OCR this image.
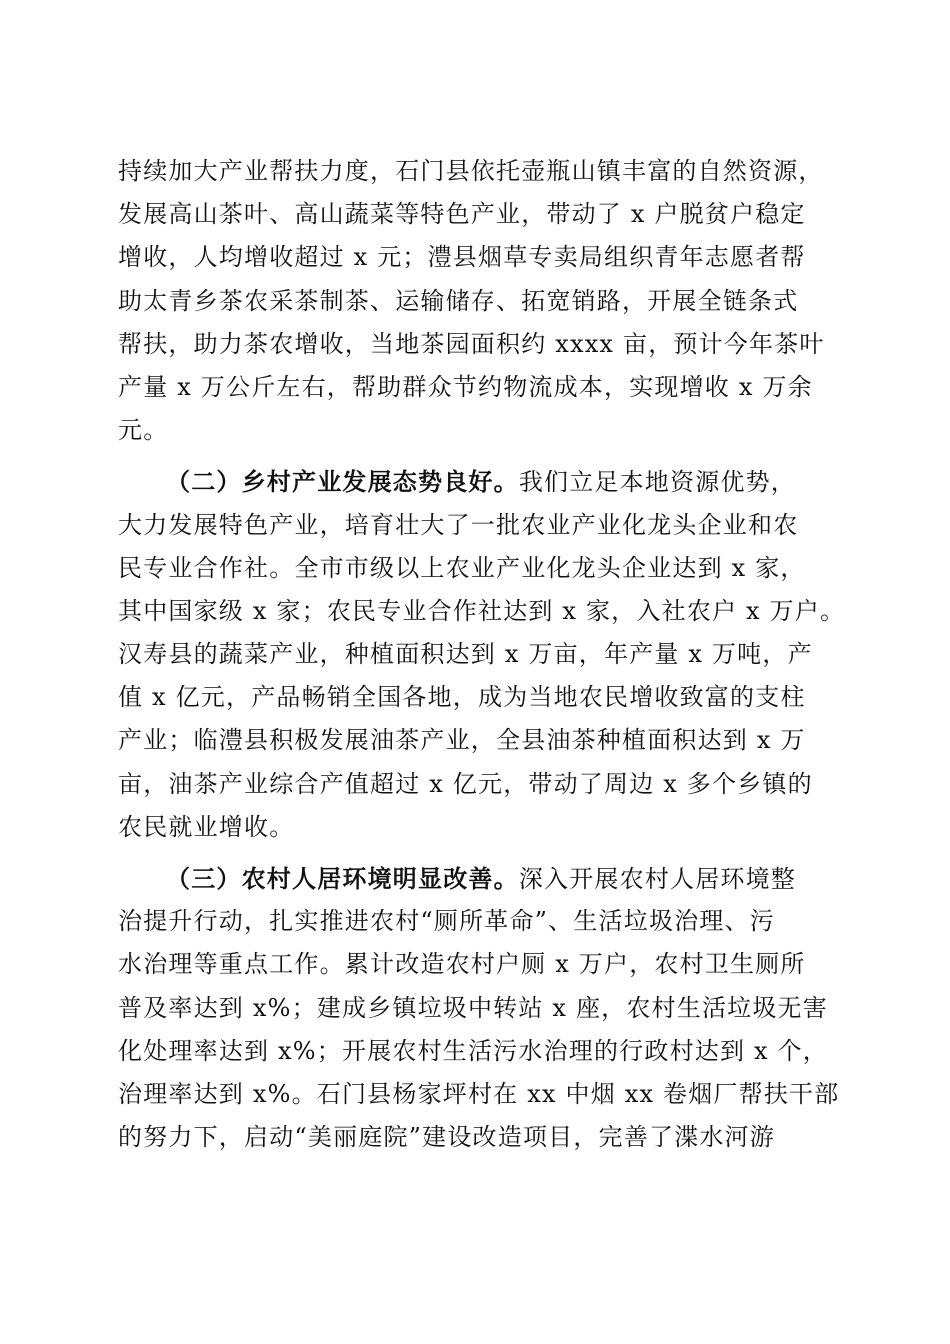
持续加大产业帮扶力度，石门县依托壶瓶山镇丰富的自然资源，
发展高山茶叶、高山蔬菜等特色产业，带动了 x 户脱贫户稳定
增收，人均增收超过 x 元；澧县烟草专卖局组织青年志愿者帮
助太青乡茶农采茶制茶、运输储存、拓宽销路，开展全链条式
帮扶，助力茶农增收，当地茶园面积约 xxxx 亩，预计今年茶叶
产量 x 万公斤左右，帮助群众节约物流成本，实现增收 x 万余
元。
（二）乡村产业发展态势良好。我们立足本地资源优势，
大力发展特色产业，培育壮大了一批农业产业化龙头企业和农
民专业合作社。全市市级以上农业产业化龙头企业达到 x 家，
其中国家级 x 家；农民专业合作社达到 x 家，入社农户 x 万户。
汉寿县的蔬菜产业，种植面积达到 x 万亩，年产量 x 万吨，产
值 x 亿元，产品畅销全国各地，成为当地农民增收致富的支柱
产业；临澧县积极发展油茶产业，全县油茶种植面积达到 x 万
亩，油茶产业综合产值超过 x 亿元，带动了周边 x 多个乡镇的
农民就业增收。
（三）农村人居环境明显改善。深入开展农村人居环境整
治提升行动，扎实推进农村“厕所革命”、生活垃圾治理、污
水治理等重点工作。累计改造农村户厕 x 万户，农村卫生厕所
普及率达到 x%；建成乡镇垃圾中转站 x 座，农村生活垃圾无害
化处理率达到 x%；开展农村生活污水治理的行政村达到 x 个，
治理率达到 x%。石门县杨家坪村在 xx 中烟 xx 卷烟厂帮扶干部
的努力下，启动“美丽庭院”建设改造项目，完善了渫水河游
